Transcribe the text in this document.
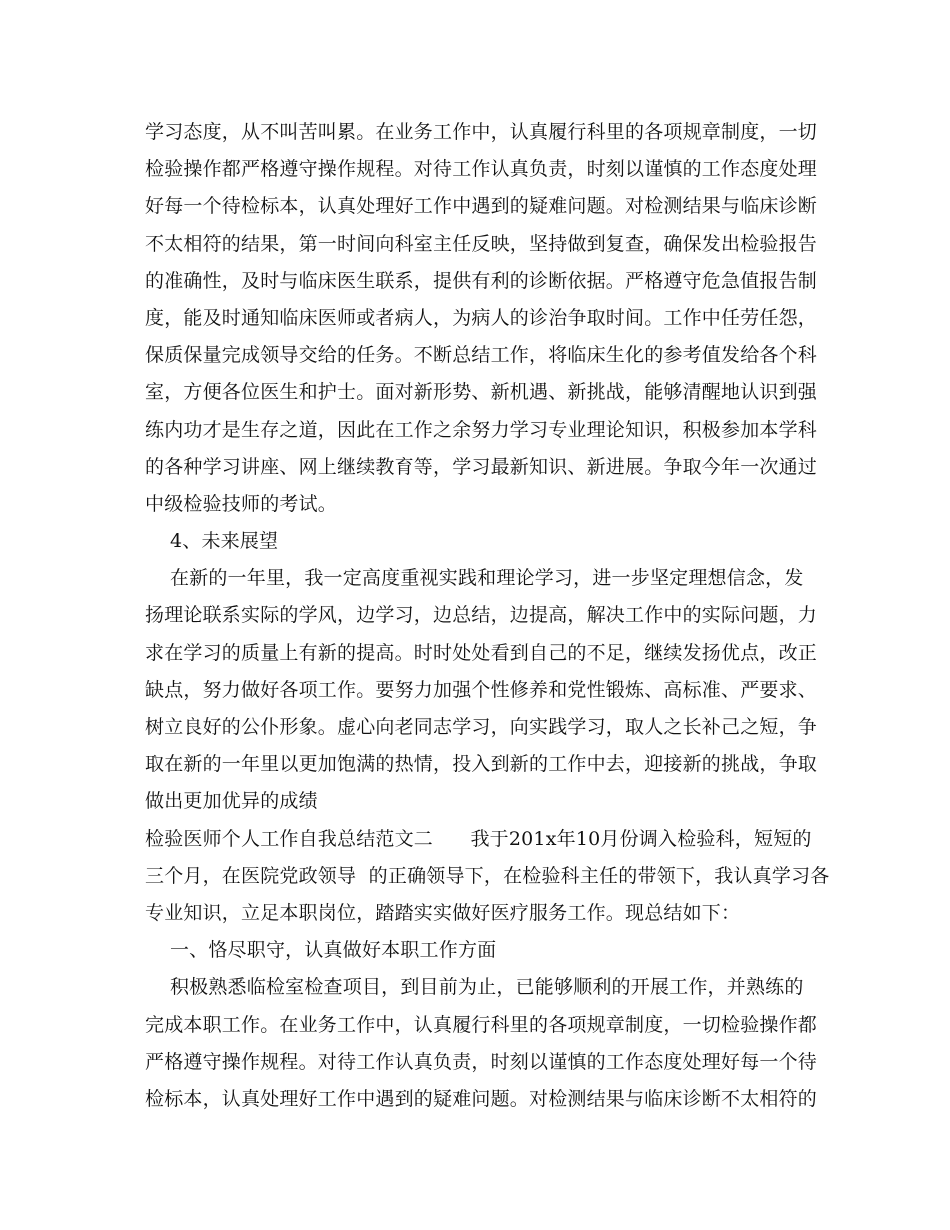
学习态度，从不叫苦叫累。在业务工作中，认真履行科里的各项规章制度，一切
检验操作都严格遵守操作规程。对待工作认真负责，时刻以谨慎的工作态度处理
好每一个待检标本，认真处理好工作中遇到的疑难问题。对检测结果与临床诊断
不太相符的结果，第一时间向科室主任反映，坚持做到复查，确保发出检验报告
的准确性，及时与临床医生联系，提供有利的诊断依据。严格遵守危急值报告制
度，能及时通知临床医师或者病人，为病人的诊治争取时间。工作中任劳任怨，
保质保量完成领导交给的任务。不断总结工作，将临床生化的参考值发给各个科
室，方便各位医生和护士。面对新形势、新机遇、新挑战，能够清醒地认识到强
练内功才是生存之道，因此在工作之余努力学习专业理论知识，积极参加本学科
的各种学习讲座、网上继续教育等，学习最新知识、新进展。争取今年一次通过
中级检验技师的考试。
4、未来展望
在新的一年里，我一定高度重视实践和理论学习，进一步坚定理想信念，发
扬理论联系实际的学风，边学习，边总结，边提高，解决工作中的实际问题，力
求在学习的质量上有新的提高。时时处处看到自己的不足，继续发扬优点，改正
缺点，努力做好各项工作。要努力加强个性修养和党性锻炼、高标准、严要求、
树立良好的公仆形象。虚心向老同志学习，向实践学习，取人之长补己之短，争
取在新的一年里以更加饱满的热情，投入到新的工作中去，迎接新的挑战，争取
做出更加优异的成绩
检验医师个人工作自我总结范文二      我于201x年10月份调入检验科，短短的
三个月，在医院党政领导  的正确领导下，在检验科主任的带领下，我认真学习各
专业知识，立足本职岗位，踏踏实实做好医疗服务工作。现总结如下：
一、恪尽职守，认真做好本职工作方面
积极熟悉临检室检查项目，到目前为止，已能够顺利的开展工作，并熟练的
完成本职工作。在业务工作中，认真履行科里的各项规章制度，一切检验操作都
严格遵守操作规程。对待工作认真负责，时刻以谨慎的工作态度处理好每一个待
检标本，认真处理好工作中遇到的疑难问题。对检测结果与临床诊断不太相符的
